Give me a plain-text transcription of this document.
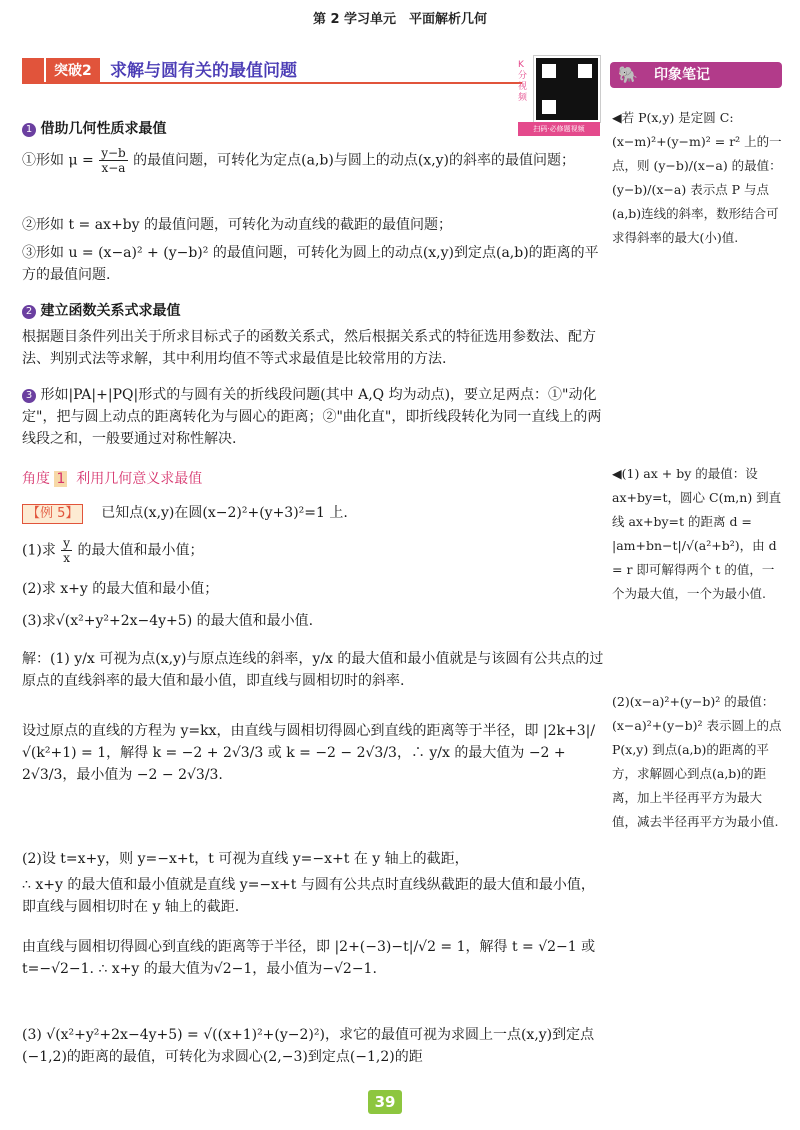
第 2 学习单元　平面解析几何
突破2	求解与圆有关的最值问题	K分视频
扫码·必修题视频
🐘 印象笔记
◀若 P(x,y) 是定圆 C:(x−m)²+(y−m)² = r² 上的一点，则 (y−b)/(x−a) 的最值：(y−b)/(x−a) 表示点 P 与点(a,b)连线的斜率，数形结合可求得斜率的最大(小)值.
◀(1) ax + by 的最值：设 ax+by=t，圆心 C(m,n) 到直线 ax+by=t 的距离 d = |am+bn−t|/√(a²+b²)，由 d = r 即可解得两个 t 的值，一个为最大值，一个为最小值.
(2)(x−a)²+(y−b)² 的最值：(x−a)²+(y−b)² 表示圆上的点 P(x,y) 到点(a,b)的距离的平方，求解圆心到点(a,b)的距离，加上半径再平方为最大值，减去半径再平方为最小值.
1 借助几何性质求最值
①形如 $\mu = \frac{y-b}{x-a}$ 的最值问题，可转化为定点(a,b)与圆上的动点(x,y)的斜率的最值问题；
②形如 t = ax+by 的最值问题，可转化为动直线的截距的最值问题；
③形如 u = (x−a)² + (y−b)² 的最值问题，可转化为圆上的动点(x,y)到定点(a,b)的距离的平方的最值问题.
2 建立函数关系式求最值
根据题目条件列出关于所求目标式子的函数关系式，然后根据关系式的特征选用参数法、配方法、判别式法等求解，其中利用均值不等式求最值是比较常用的方法.
3 形如|PA|+|PQ|形式的与圆有关的折线段问题(其中 A,Q 均为动点)，要立足两点：①"动化定"，把与圆上动点的距离转化为与圆心的距离；②"曲化直"，即折线段转化为同一直线上的两线段之和，一般要通过对称性解决.
角度 1 利用几何意义求最值
【例 5】 已知点(x,y)在圆(x−2)²+(y+3)²=1 上.
(1)求 $\frac{y}{x}$ 的最大值和最小值；
(2)求 x+y 的最大值和最小值；
(3)求√(x²+y²+2x−4y+5) 的最大值和最小值.
解：(1) y/x 可视为点(x,y)与原点连线的斜率，y/x 的最大值和最小值就是与该圆有公共点的过原点的直线斜率的最大值和最小值，即直线与圆相切时的斜率.
设过原点的直线的方程为 y=kx，由直线与圆相切得圆心到直线的距离等于半径，即 |2k+3|/√(k²+1) = 1，解得 k = −2 + 2√3/3 或 k = −2 − 2√3/3，∴ y/x 的最大值为 −2 + 2√3/3，最小值为 −2 − 2√3/3.
(2)设 t=x+y，则 y=−x+t，t 可视为直线 y=−x+t 在 y 轴上的截距，
∴ x+y 的最大值和最小值就是直线 y=−x+t 与圆有公共点时直线纵截距的最大值和最小值，即直线与圆相切时在 y 轴上的截距.
由直线与圆相切得圆心到直线的距离等于半径，即 |2+(−3)−t|/√2 = 1，解得 t = √2−1 或 t=−√2−1. ∴ x+y 的最大值为√2−1，最小值为−√2−1.
(3) √(x²+y²+2x−4y+5) = √((x+1)²+(y−2)²)，求它的最值可视为求圆上一点(x,y)到定点(−1,2)的距离的最值，可转化为求圆心(2,−3)到定点(−1,2)的距
39
